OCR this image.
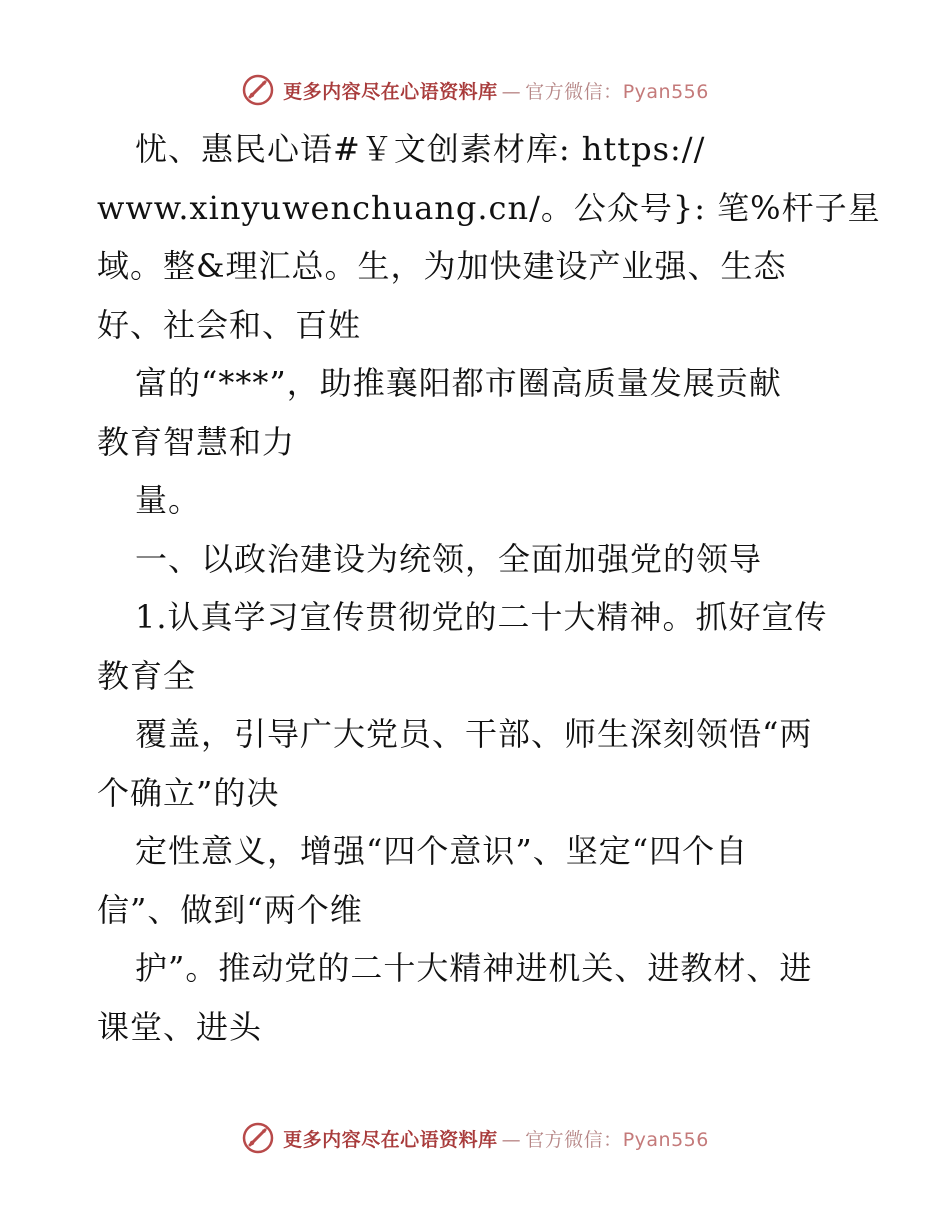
更多内容尽在心语资料库 — 官方微信：Pyan556
忧、惠民心语#￥文创素材库: https://
www.xinyuwenchuang.cn/。公众号}: 笔%杆子星
域。整&理汇总。生，为加快建设产业强、生态
好、社会和、百姓
富的“***”，助推襄阳都市圈高质量发展贡献
教育智慧和力
量。
一、以政治建设为统领，全面加强党的领导
1.认真学习宣传贯彻党的二十大精神。抓好宣传
教育全
覆盖，引导广大党员、干部、师生深刻领悟“两
个确立”的决
定性意义，增强“四个意识”、坚定“四个自
信”、做到“两个维
护”。推动党的二十大精神进机关、进教材、进
课堂、进头
更多内容尽在心语资料库 — 官方微信：Pyan556
